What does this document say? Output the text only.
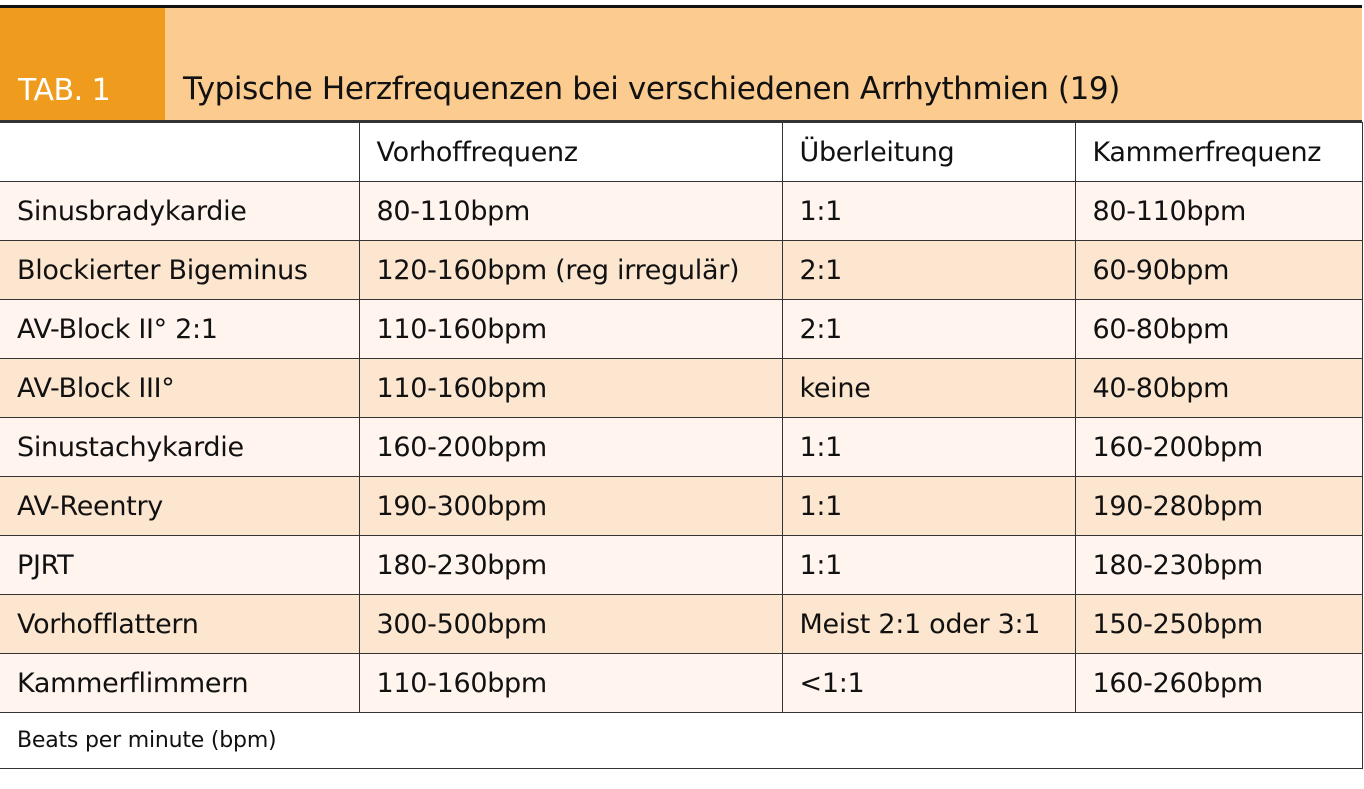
TAB. 1	Typische Herzfrequenzen bei verschiedenen Arrhythmien (19)
	Vorhoffrequenz	Überleitung	Kammerfrequenz
Sinusbradykardie	80-110bpm	1:1	80-110bpm
Blockierter Bigeminus	120-160bpm (reg irregulär)	2:1	60-90bpm
AV-Block II° 2:1	110-160bpm	2:1	60-80bpm
AV-Block III°	110-160bpm	keine	40-80bpm
Sinustachykardie	160-200bpm	1:1	160-200bpm
AV-Reentry	190-300bpm	1:1	190-280bpm
PJRT	180-230bpm	1:1	180-230bpm
Vorhofflattern	300-500bpm	Meist 2:1 oder 3:1	150-250bpm
Kammerflimmern	110-160bpm	<1:1	160-260bpm
Beats per minute (bpm)			
